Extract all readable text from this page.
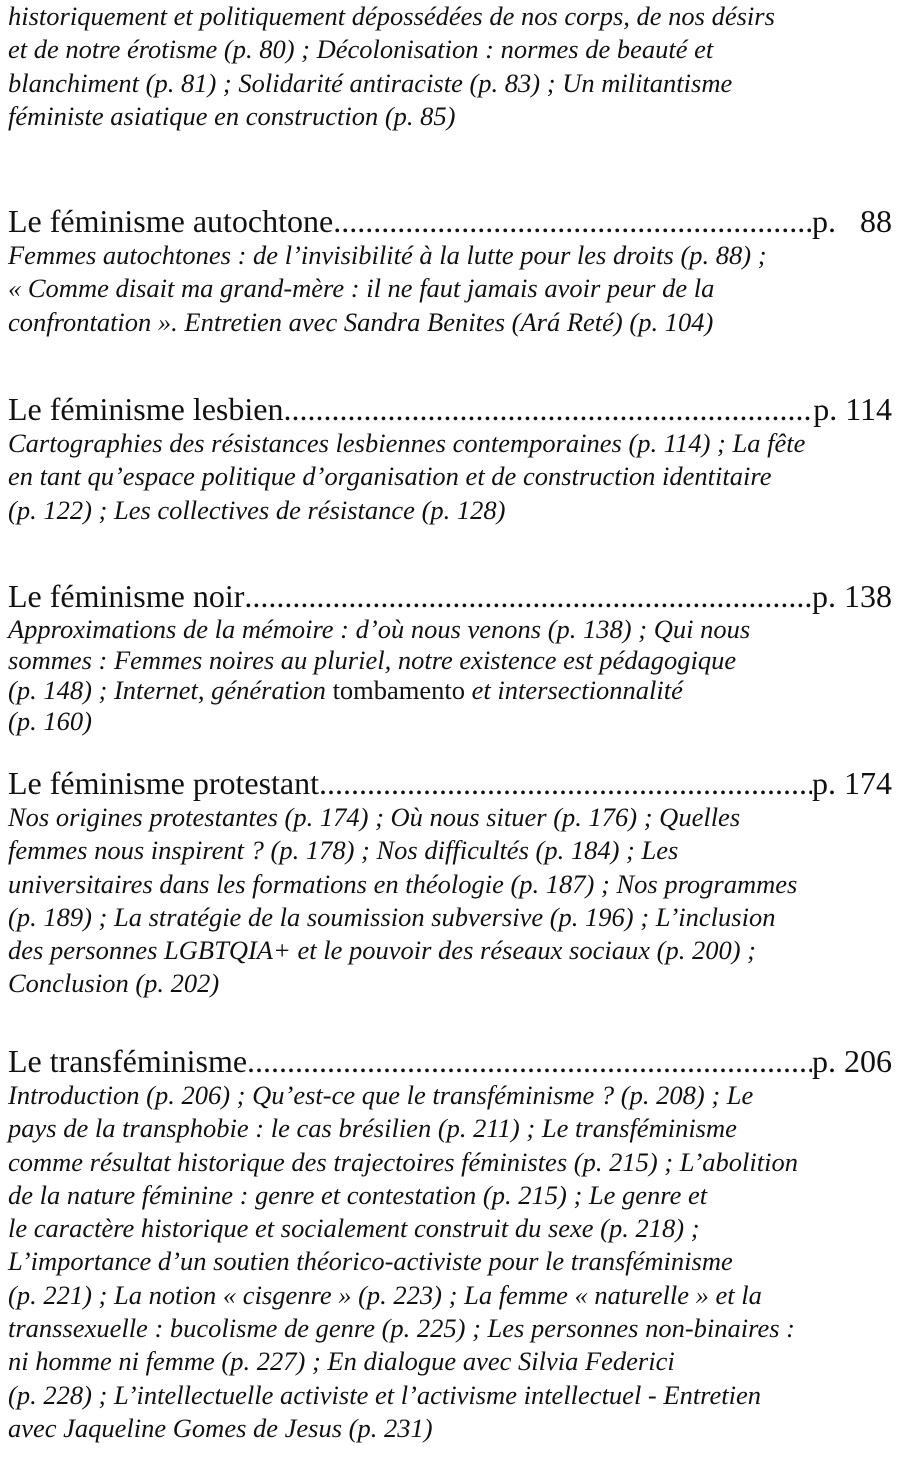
historiquement et politiquement dépossédées de nos corps, de nos désirs
et de notre érotisme (p. 80) ; Décolonisation : normes de beauté et
blanchiment (p. 81) ; Solidarité antiraciste (p. 83) ; Un militantisme
féministe asiatique en construction (p. 85)

Le féminisme autochtone .....	p.   88

Femmes autochtones : de l’invisibilité à la lutte pour les droits (p. 88) ;
« Comme disait ma grand-mère : il ne faut jamais avoir peur de la
confrontation ». Entretien avec Sandra Benites (Ará Reté) (p. 104)

Le féminisme lesbien .....	p. 114

Cartographies des résistances lesbiennes contemporaines (p. 114) ; La fête
en tant qu’espace politique d’organisation et de construction identitaire
(p. 122) ; Les collectives de résistance (p. 128)

Le féminisme noir .....	p. 138

Approximations de la mémoire : d’où nous venons (p. 138) ; Qui nous
sommes : Femmes noires au pluriel, notre existence est pédagogique
(p. 148) ; Internet, génération tombamento et intersectionnalité
(p. 160)

Le féminisme protestant .....	p. 174

Nos origines protestantes (p. 174) ; Où nous situer (p. 176) ; Quelles
femmes nous inspirent ? (p. 178) ; Nos difficultés (p. 184) ; Les
universitaires dans les formations en théologie (p. 187) ; Nos programmes
(p. 189) ; La stratégie de la soumission subversive (p. 196) ; L’inclusion
des personnes LGBTQIA+ et le pouvoir des réseaux sociaux (p. 200) ;
Conclusion (p. 202)

Le transféminisme .....	p. 206

Introduction (p. 206) ; Qu’est-ce que le transféminisme ? (p. 208) ; Le
pays de la transphobie : le cas brésilien (p. 211) ; Le transféminisme
comme résultat historique des trajectoires féministes (p. 215) ; L’abolition
de la nature féminine : genre et contestation (p. 215) ; Le genre et
le caractère historique et socialement construit du sexe (p. 218) ;
L’importance d’un soutien théorico-activiste pour le transféminisme
(p. 221) ; La notion « cisgenre » (p. 223) ; La femme « naturelle » et la
transsexuelle : bucolisme de genre (p. 225) ; Les personnes non-binaires :
ni homme ni femme (p. 227) ; En dialogue avec Silvia Federici
(p. 228) ; L’intellectuelle activiste et l’activisme intellectuel - Entretien
avec Jaqueline Gomes de Jesus (p. 231)
